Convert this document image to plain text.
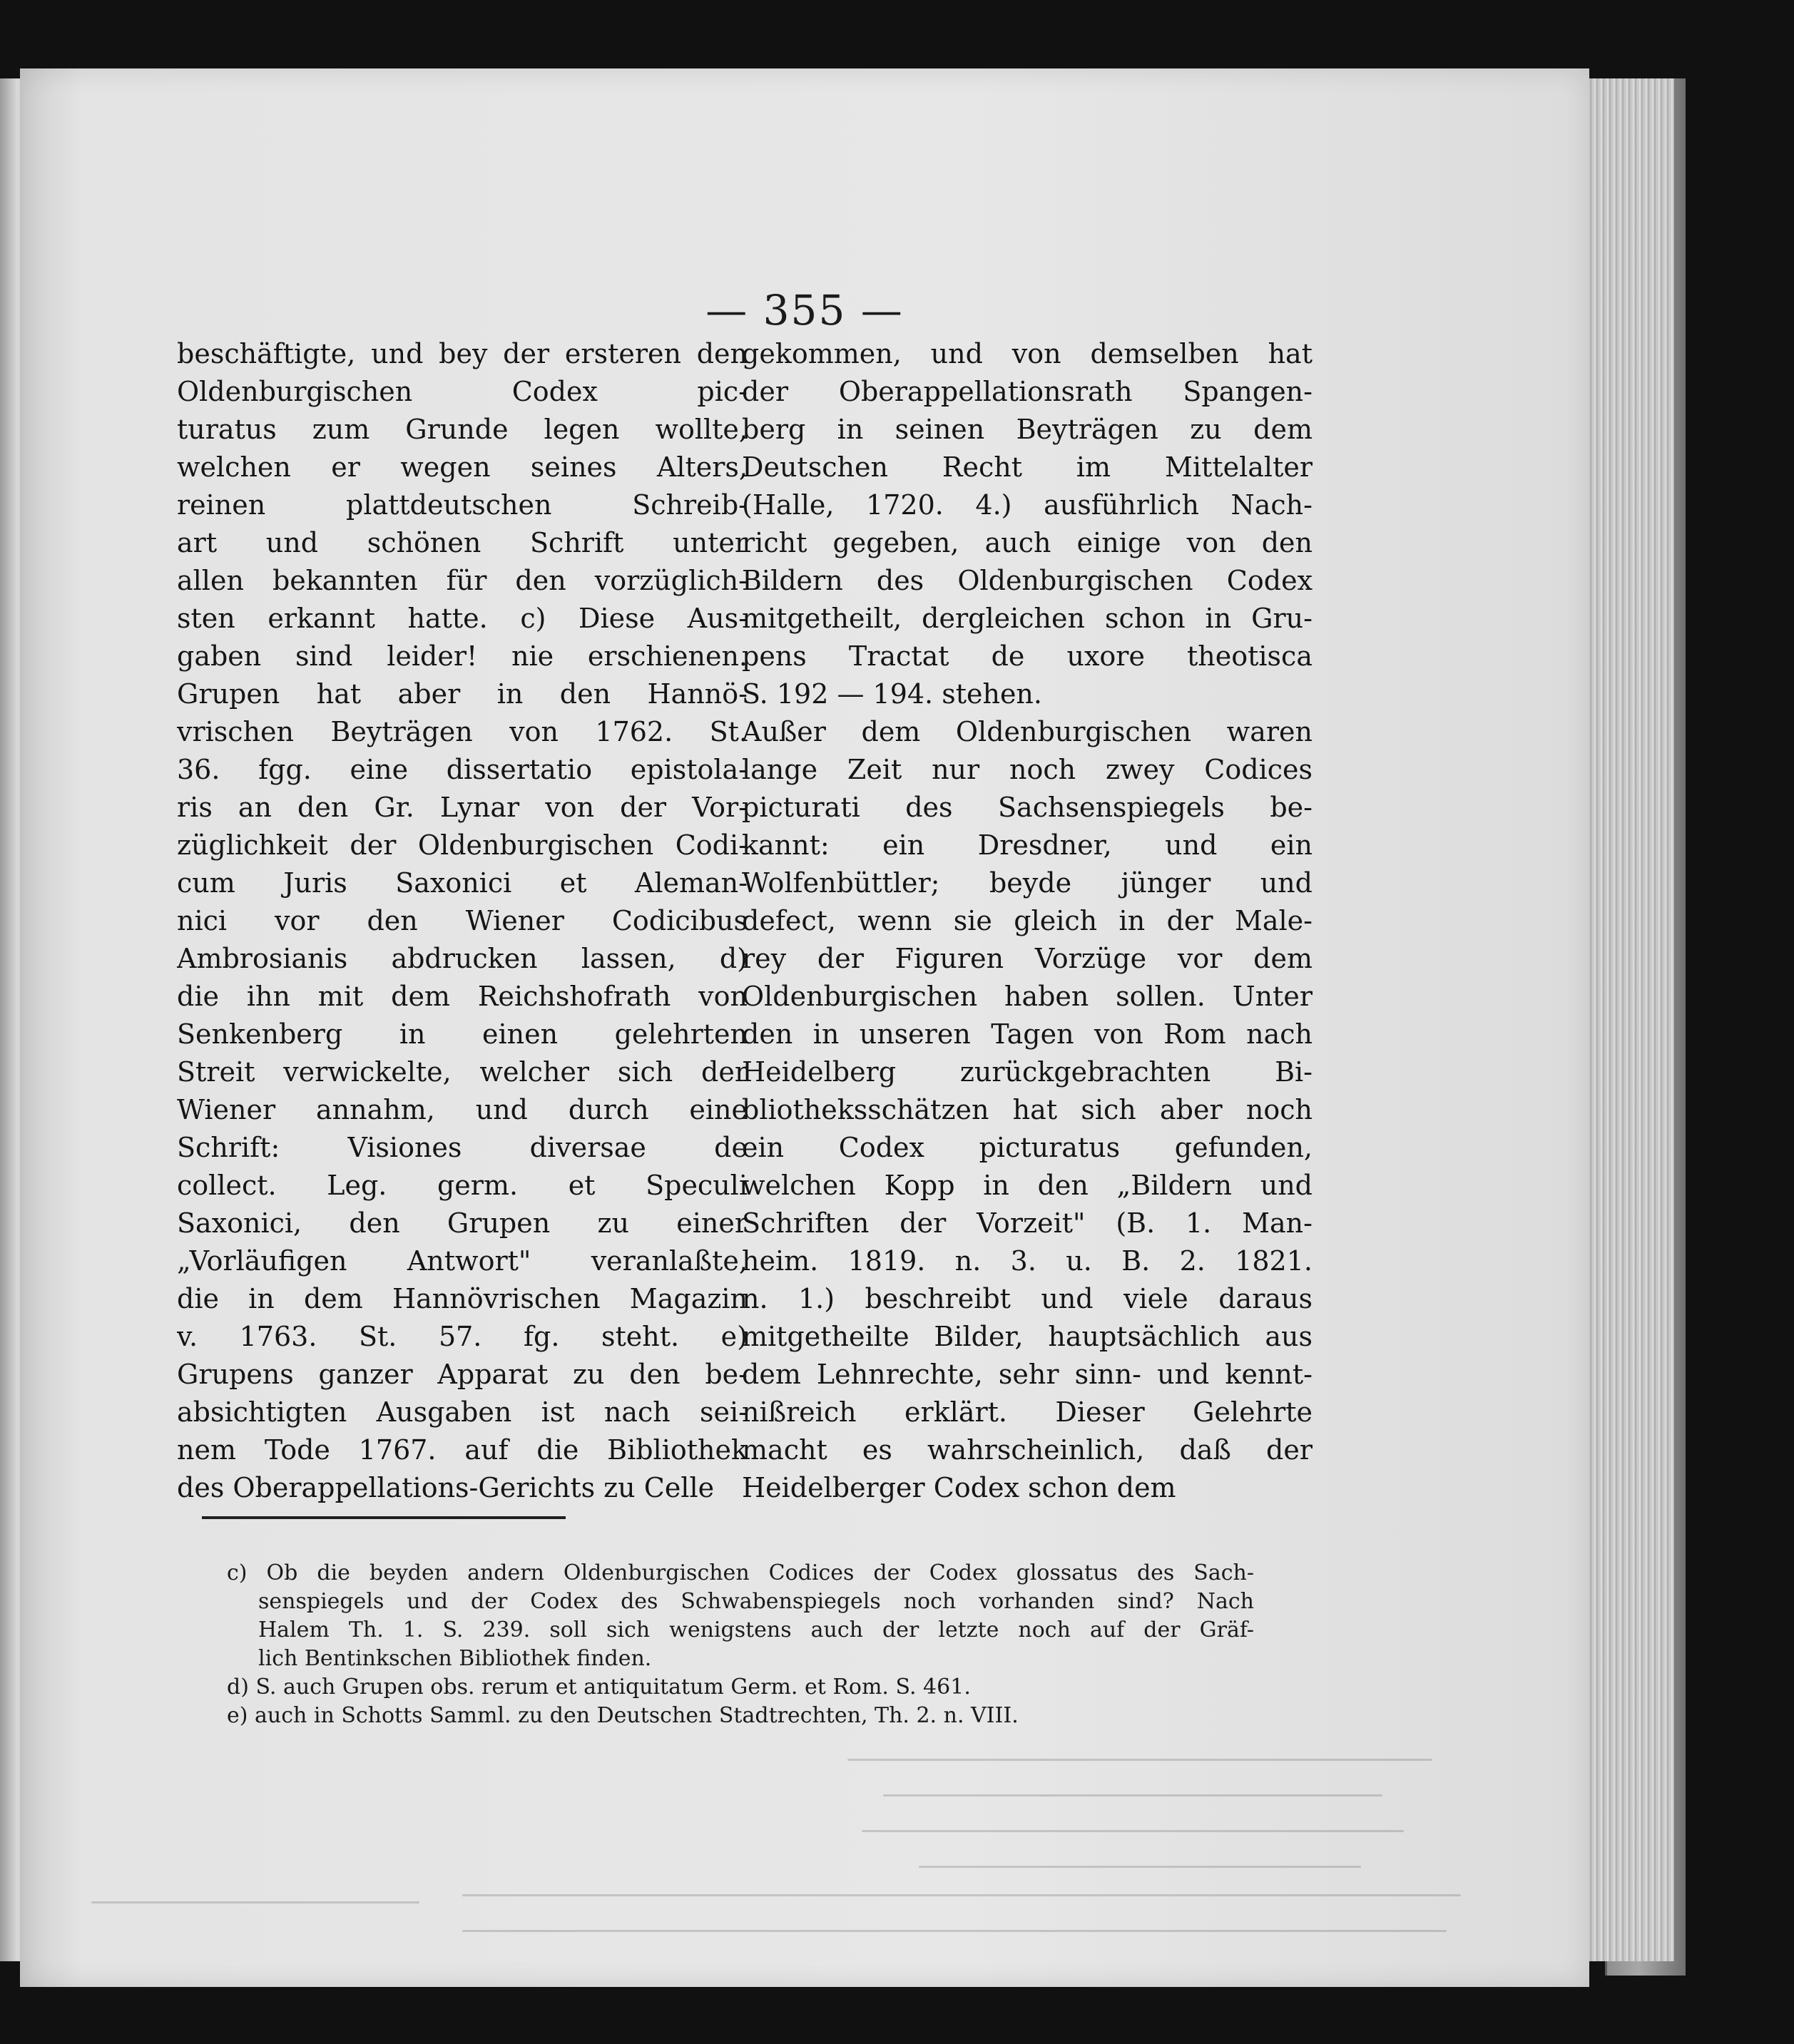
— 355 —
beschäftigte, und bey der ersteren den
Oldenburgischen Codex pic-
turatus zum Grunde legen wollte,
welchen er wegen seines Alters,
reinen plattdeutschen Schreib-
art und schönen Schrift unter
allen bekannten für den vorzüglich-
sten erkannt hatte. c) Diese Aus-
gaben sind leider! nie erschienen.
Grupen hat aber in den Hannö-
vrischen Beyträgen von 1762. St.
36. fgg. eine dissertatio epistola-
ris an den Gr. Lynar von der Vor-
züglichkeit der Oldenburgischen Codi-
cum Juris Saxonici et Aleman-
nici vor den Wiener Codicibus
Ambrosianis abdrucken lassen, d)
die ihn mit dem Reichshofrath von
Senkenberg in einen gelehrten
Streit verwickelte, welcher sich der
Wiener annahm, und durch eine
Schrift: Visiones diversae de
collect. Leg. germ. et Speculi
Saxonici, den Grupen zu einer
„Vorläufigen Antwort" veranlaßte,
die in dem Hannövrischen Magazin
v. 1763. St. 57. fg. steht. e)
Grupens ganzer Apparat zu den be-
absichtigten Ausgaben ist nach sei-
nem Tode 1767. auf die Bibliothek
des Oberappellations-Gerichts zu Celle
gekommen, und von demselben hat
der Oberappellationsrath Spangen-
berg in seinen Beyträgen zu dem
Deutschen Recht im Mittelalter
(Halle, 1720. 4.) ausführlich Nach-
richt gegeben, auch einige von den
Bildern des Oldenburgischen Codex
mitgetheilt, dergleichen schon in Gru-
pens Tractat de uxore theotisca
S. 192 — 194. stehen.
Außer dem Oldenburgischen waren
lange Zeit nur noch zwey Codices
picturati des Sachsenspiegels be-
kannt: ein Dresdner, und ein
Wolfenbüttler; beyde jünger und
defect, wenn sie gleich in der Male-
rey der Figuren Vorzüge vor dem
Oldenburgischen haben sollen. Unter
den in unseren Tagen von Rom nach
Heidelberg zurückgebrachten Bi-
bliotheksschätzen hat sich aber noch
ein Codex picturatus gefunden,
welchen Kopp in den „Bildern und
Schriften der Vorzeit" (B. 1. Man-
heim. 1819. n. 3. u. B. 2. 1821.
n. 1.) beschreibt und viele daraus
mitgetheilte Bilder, hauptsächlich aus
dem Lehnrechte, sehr sinn- und kennt-
nißreich erklärt. Dieser Gelehrte
macht es wahrscheinlich, daß der
Heidelberger Codex schon dem
c) Ob die beyden andern Oldenburgischen Codices der Codex glossatus des Sach-
senspiegels und der Codex des Schwabenspiegels noch vorhanden sind? Nach
Halem Th. 1. S. 239. soll sich wenigstens auch der letzte noch auf der Gräf-
lich Bentinkschen Bibliothek finden.
d) S. auch Grupen obs. rerum et antiquitatum Germ. et Rom. S. 461.
e) auch in Schotts Samml. zu den Deutschen Stadtrechten, Th. 2. n. VIII.
